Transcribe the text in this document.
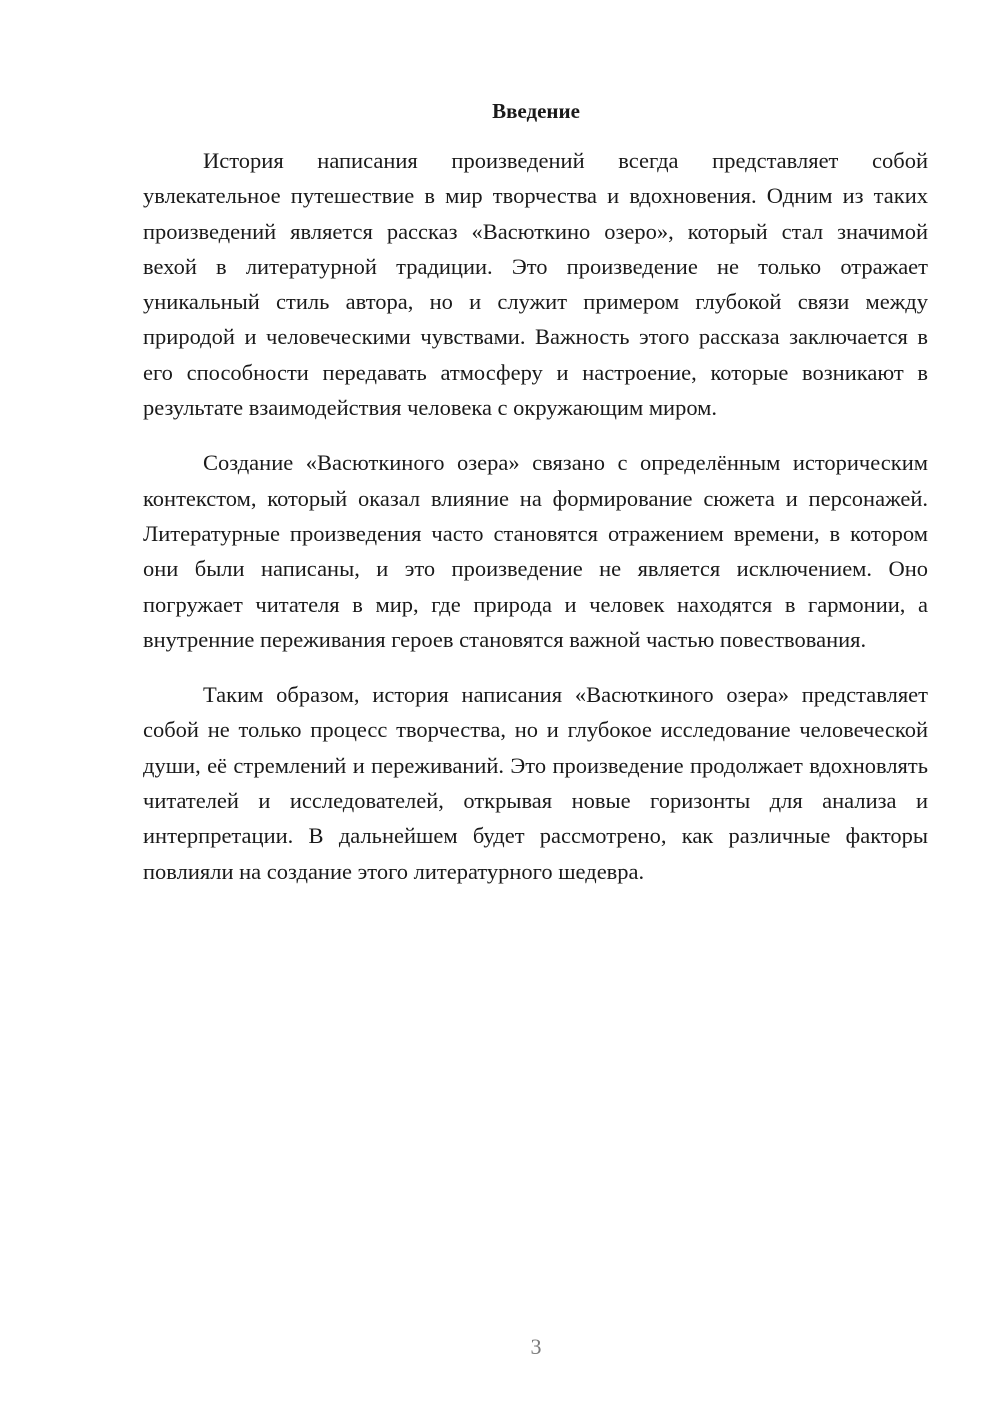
Введение

История написания произведений всегда представляет собой увлекательное путешествие в мир творчества и вдохновения. Одним из таких произведений является рассказ «Васюткино озеро», который стал значимой вехой в литературной традиции. Это произведение не только отражает уникальный стиль автора, но и служит примером глубокой связи между природой и человеческими чувствами. Важность этого рассказа заключается в его способности передавать атмосферу и настроение, которые возникают в результате взаимодействия человека с окружающим миром.

Создание «Васюткиного озера» связано с определённым историческим контекстом, который оказал влияние на формирование сюжета и персонажей. Литературные произведения часто становятся отражением времени, в котором они были написаны, и это произведение не является исключением. Оно погружает читателя в мир, где природа и человек находятся в гармонии, а внутренние переживания героев становятся важной частью повествования.

Таким образом, история написания «Васюткиного озера» представляет собой не только процесс творчества, но и глубокое исследование человеческой души, её стремлений и переживаний. Это произведение продолжает вдохновлять читателей и исследователей, открывая новые горизонты для анализа и интерпретации. В дальнейшем будет рассмотрено, как различные факторы повлияли на создание этого литературного шедевра.

3
